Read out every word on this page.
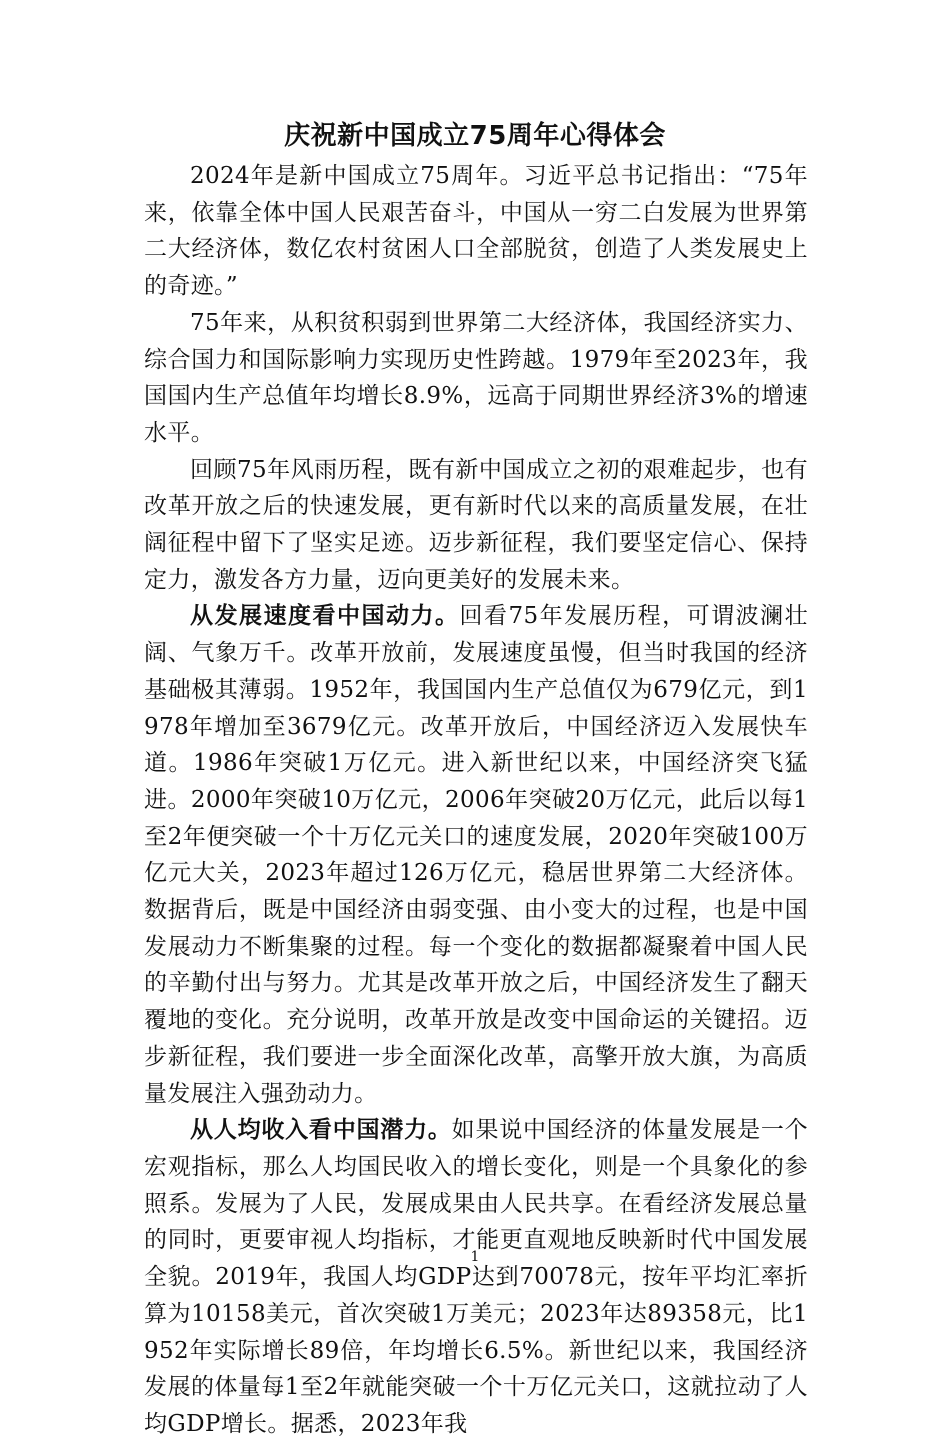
庆祝新中国成立75周年心得体会

2024年是新中国成立75周年。习近平总书记指出：“75年来，依靠全体中国人民艰苦奋斗，中国从一穷二白发展为世界第二大经济体，数亿农村贫困人口全部脱贫，创造了人类发展史上的奇迹。”

75年来，从积贫积弱到世界第二大经济体，我国经济实力、综合国力和国际影响力实现历史性跨越。1979年至2023年，我国国内生产总值年均增长8.9%，远高于同期世界经济3%的增速水平。

回顾75年风雨历程，既有新中国成立之初的艰难起步，也有改革开放之后的快速发展，更有新时代以来的高质量发展，在壮阔征程中留下了坚实足迹。迈步新征程，我们要坚定信心、保持定力，激发各方力量，迈向更美好的发展未来。

从发展速度看中国动力。回看75年发展历程，可谓波澜壮阔、气象万千。改革开放前，发展速度虽慢，但当时我国的经济基础极其薄弱。1952年，我国国内生产总值仅为679亿元，到1978年增加至3679亿元。改革开放后，中国经济迈入发展快车道。1986年突破1万亿元。进入新世纪以来，中国经济突飞猛进。2000年突破10万亿元，2006年突破20万亿元，此后以每1至2年便突破一个十万亿元关口的速度发展，2020年突破100万亿元大关，2023年超过126万亿元，稳居世界第二大经济体。数据背后，既是中国经济由弱变强、由小变大的过程，也是中国发展动力不断集聚的过程。每一个变化的数据都凝聚着中国人民的辛勤付出与努力。尤其是改革开放之后，中国经济发生了翻天覆地的变化。充分说明，改革开放是改变中国命运的关键招。迈步新征程，我们要进一步全面深化改革，高擎开放大旗，为高质量发展注入强劲动力。

从人均收入看中国潜力。如果说中国经济的体量发展是一个宏观指标，那么人均国民收入的增长变化，则是一个具象化的参照系。发展为了人民，发展成果由人民共享。在看经济发展总量的同时，更要审视人均指标，才能更直观地反映新时代中国发展全貌。2019年，我国人均GDP达到70078元，按年平均汇率折算为10158美元，首次突破1万美元；2023年达89358元，比1952年实际增长89倍，年均增长6.5%。新世纪以来，我国经济发展的体量每1至2年就能突破一个十万亿元关口，这就拉动了人均GDP增长。据悉，2023年我

1
